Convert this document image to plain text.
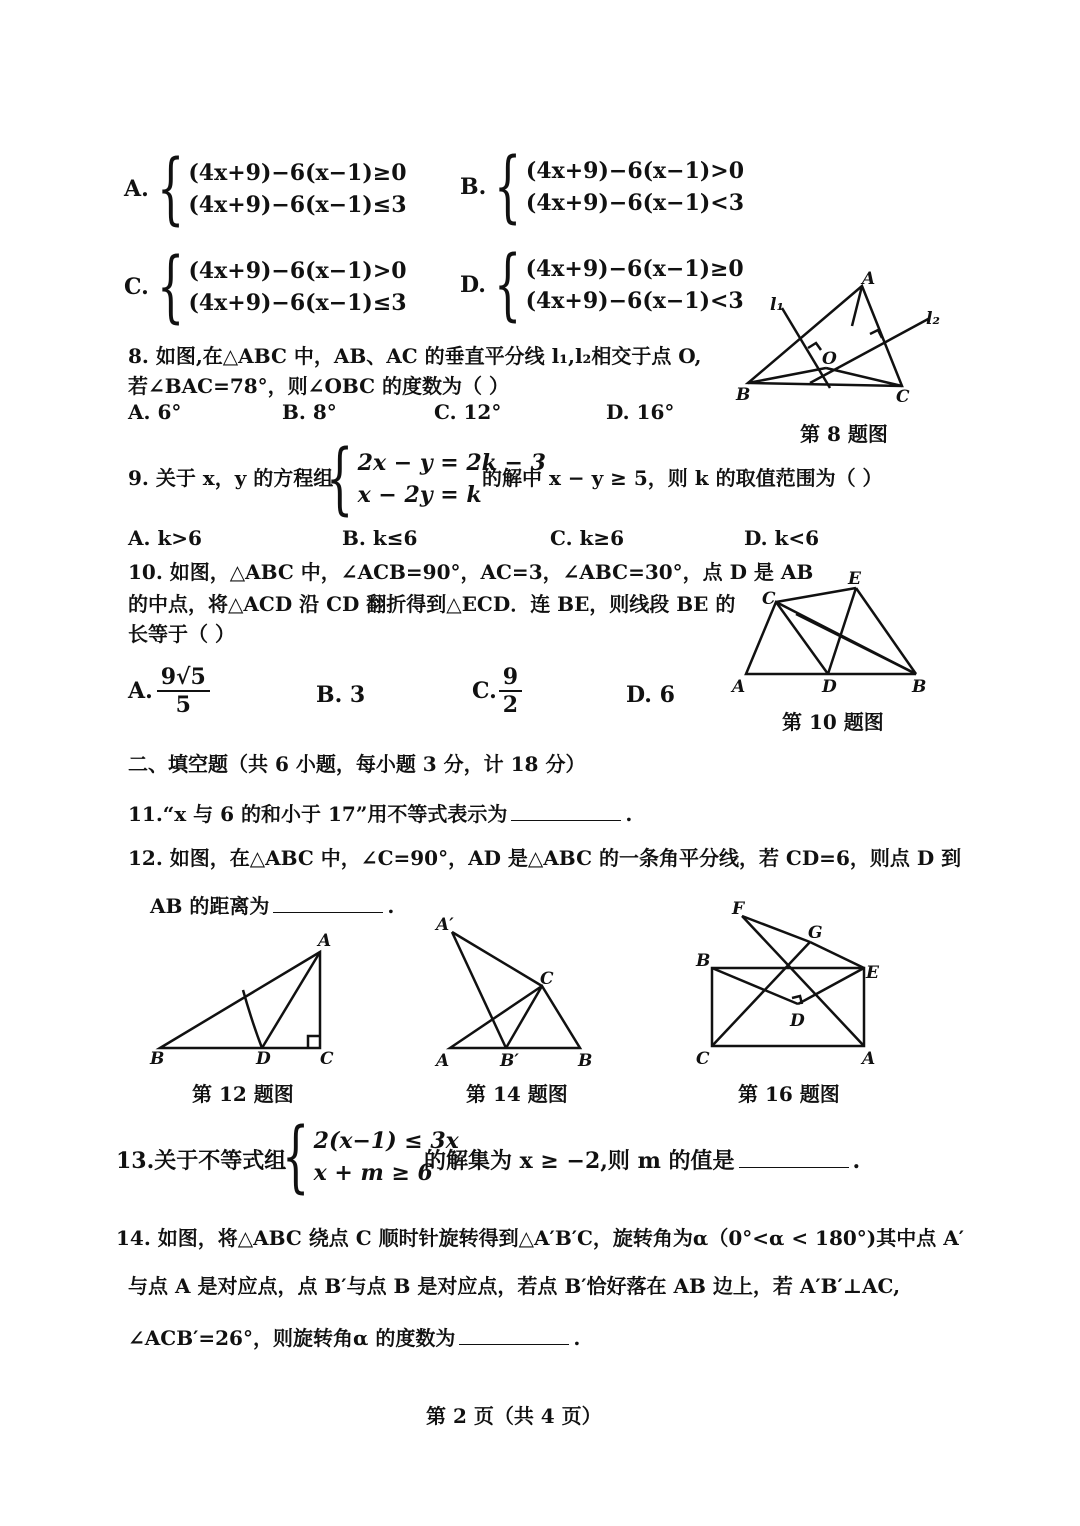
A. { (4x+9)−6(x−1)≥0
(4x+9)−6(x−1)≤3
B. { (4x+9)−6(x−1)>0
(4x+9)−6(x−1)<3
C. { (4x+9)−6(x−1)>0
(4x+9)−6(x−1)≤3
D. { (4x+9)−6(x−1)≥0
(4x+9)−6(x−1)<3
8. 如图,在△ABC 中，AB、AC 的垂直平分线 l₁,l₂相交于点 O,
若∠BAC=78°，则∠OBC 的度数为（ ）
A. 6°	B. 8°	C. 12°	D. 16°
A
B	C
O
l₁
l₂
第 8 题图
9. 关于 x，y 的方程组
{ 2x − y = 2k − 3
x − 2y = k
的解中 x − y ≥ 5，则 k 的取值范围为（ ）
A. k>6	B. k≤6	C. k≥6	D. k<6
10. 如图，△ABC 中，∠ACB=90°，AC=3，∠ABC=30°，点 D 是 AB
的中点，将△ACD 沿 CD 翻折得到△ECD．连 BE，则线段 BE 的
长等于（ ）
A. $\frac{9√5}{5}$	B. 3	C. $\frac{9}{2}$	D. 6	A	B
C
D
E
第 10 题图
二、填空题（共 6 小题，每小题 3 分，计 18 分）
11.“x 与 6 的和小于 17”用不等式表示为	.
12. 如图，在△ABC 中，∠C=90°，AD 是△ABC 的一条角平分线，若 CD=6，则点 D 到
AB 的距离为	.
A
B	C
D
第 12 题图
A′
A	B′	B
C
第 14 题图
F
G
B
E
D
C	A
第 16 题图
13.关于不等式组
{ 2(x−1) ≤ 3x
x + m ≥ 6
的解集为 x ≥ −2,则 m 的值是	.
14. 如图，将△ABC 绕点 C 顺时针旋转得到△A′B′C，旋转角为α（0°<α < 180°)其中点 A′
与点 A 是对应点，点 B′与点 B 是对应点，若点 B′恰好落在 AB 边上，若 A′B′⊥AC,
∠ACB′=26°，则旋转角α 的度数为	.
第 2 页（共 4 页）
